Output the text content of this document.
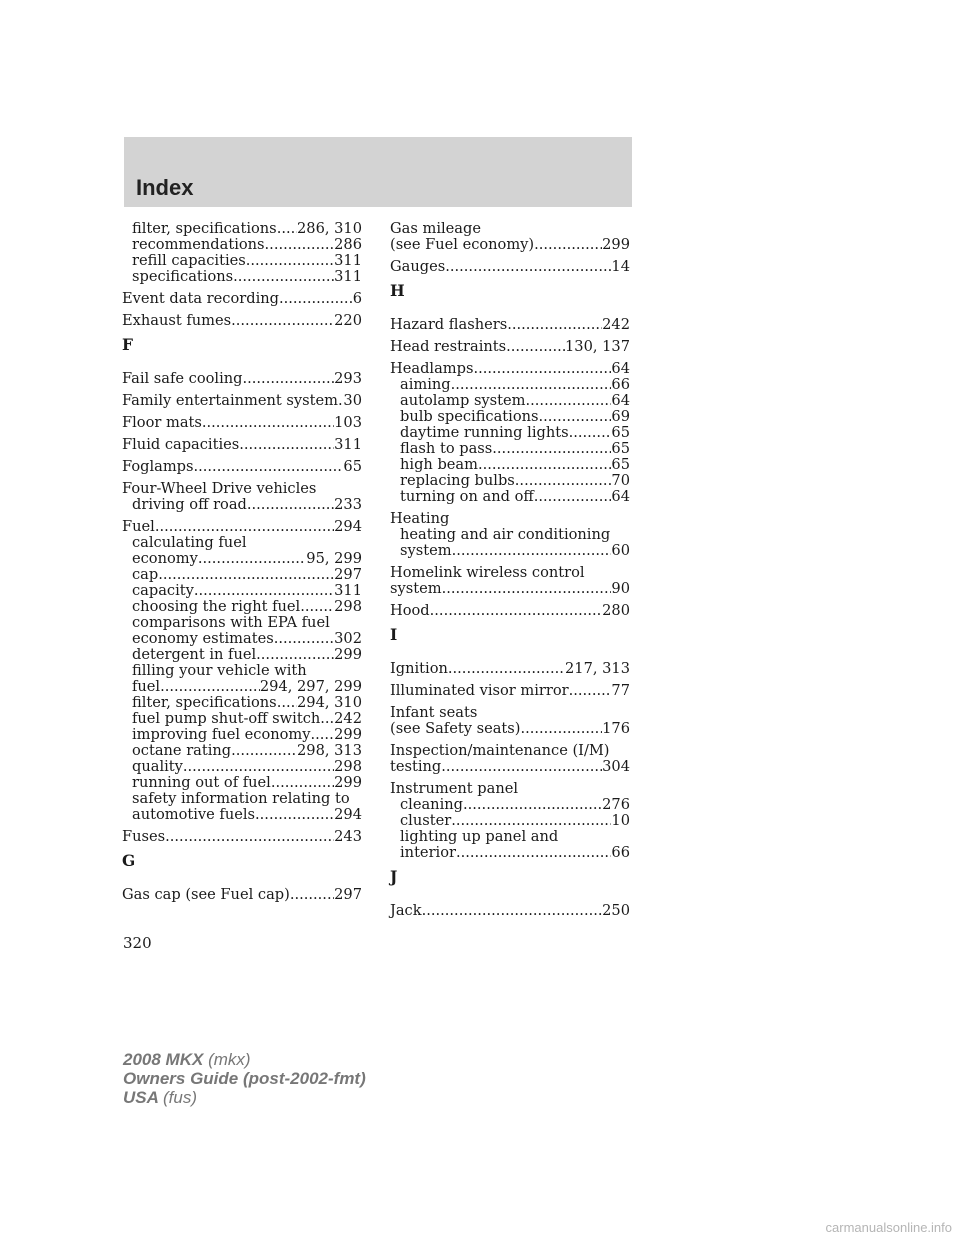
Index
filter, specifications ..... 286, 310
recommendations .....	286
refill capacities .....	311
specifications .....	311
Event data recording .....	6
Exhaust fumes .....	220
F
Fail safe cooling .....	293
Family entertainment system ..... 30
Floor mats .....	103
Fluid capacities .....	311
Foglamps .....	65
Four-Wheel Drive vehicles
driving off road .....	233
Fuel .....	294
calculating fuel
economy .....	95, 299
cap .....	297
capacity .....	311
choosing the right fuel ..... 298
comparisons with EPA fuel
economy estimates .....	302
detergent in fuel .....	299
filling your vehicle with
fuel .....	294, 297, 299
filter, specifications ..... 294, 310
fuel pump shut-off switch ..... 242
improving fuel economy ..... 299
octane rating .....	298, 313
quality .....	298
running out of fuel .....	299
safety information relating to
automotive fuels .....	294
Fuses .....	243
G
Gas cap (see Fuel cap) .....	297
Gas mileage
(see Fuel economy) .....	299
Gauges .....	14
H
Hazard flashers .....	242
Head restraints .....	130, 137
Headlamps .....	64
aiming .....	66
autolamp system .....	64
bulb specifications .....	69
daytime running lights .....	65
flash to pass .....	65
high beam .....	65
replacing bulbs .....	70
turning on and off .....	64
Heating
heating and air conditioning
system .....	60
Homelink wireless control
system .....	90
Hood .....	280
I
Ignition .....	217, 313
Illuminated visor mirror .....	77
Infant seats
(see Safety seats) .....	176
Inspection/maintenance (I/M)
testing .....	304
Instrument panel
cleaning .....	276
cluster .....	10
lighting up panel and
interior .....	66
J
Jack .....	250
320
2008 MKX (mkx)
Owners Guide (post-2002-fmt)
USA (fus)
carmanualsonline.info
